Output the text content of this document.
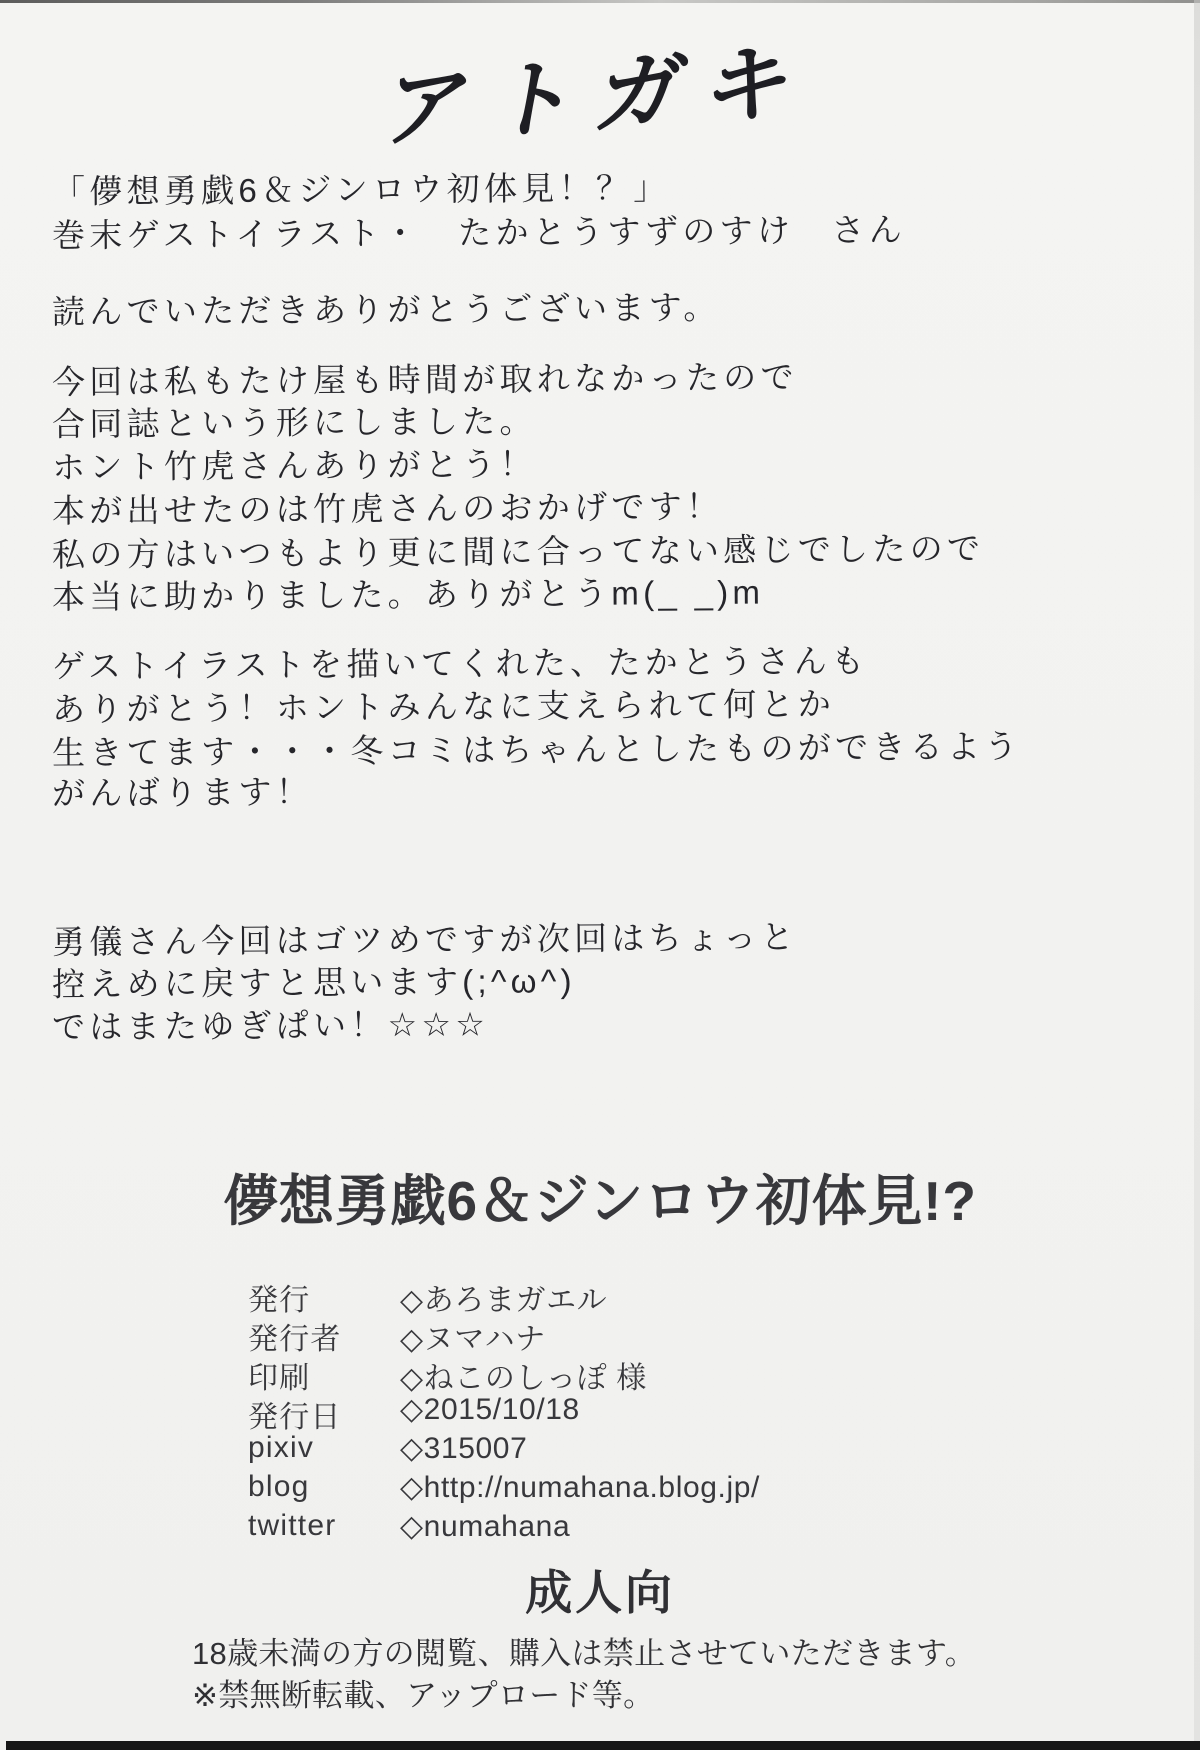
アトガキ
「儚想勇戯6＆ジンロウ初体見！？」
巻末ゲストイラスト・　たかとうすずのすけ　さん
読んでいただきありがとうございます。
今回は私もたけ屋も時間が取れなかったので
合同誌という形にしました。
ホント竹虎さんありがとう！
本が出せたのは竹虎さんのおかげです！
私の方はいつもより更に間に合ってない感じでしたので
本当に助かりました。ありがとうm(_ _)m
ゲストイラストを描いてくれた、たかとうさんも
ありがとう！ホントみんなに支えられて何とか
生きてます・・・冬コミはちゃんとしたものができるよう
がんばります！
勇儀さん今回はゴツめですが次回はちょっと
控えめに戻すと思います(;^ω^)
ではまたゆぎぱい！☆☆☆
儚想勇戯6＆ジンロウ初体見!?
発行	◇あろまガエル
発行者 ◇ヌマハナ
印刷	◇ねこのしっぽ 様
発行日 ◇2015/10/18
pixiv	◇315007
blog	◇http://numahana.blog.jp/
twitter ◇numahana
成人向
18歳未満の方の閲覧、購入は禁止させていただきます。
※禁無断転載、アップロード等。
